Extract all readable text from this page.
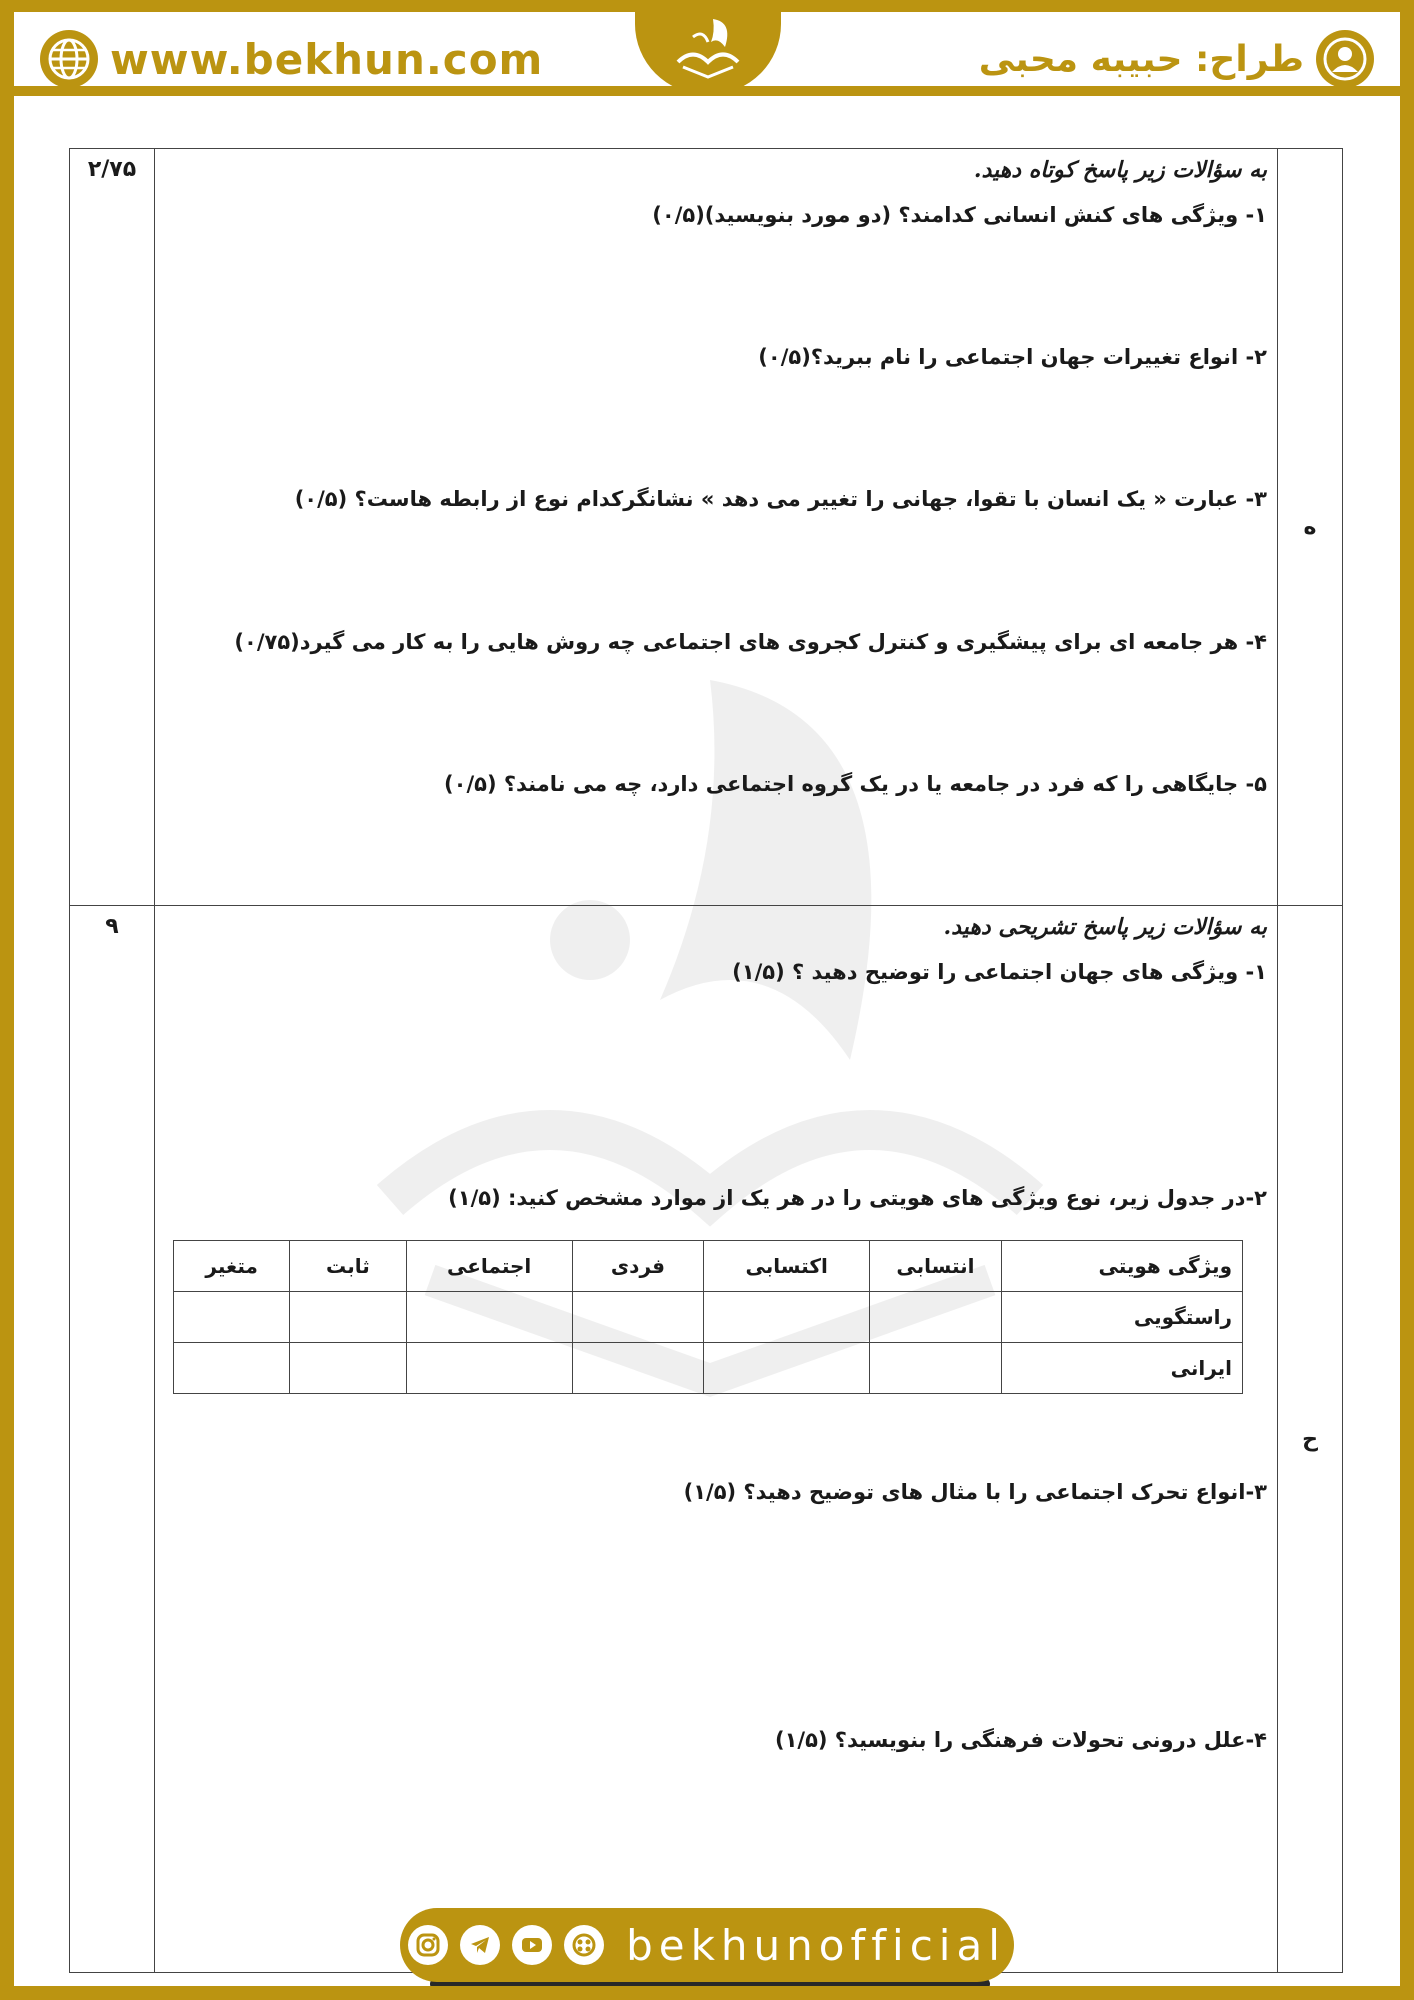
www.bekhun.com	طراح: حبیبه محبی
ه	
به سؤالات زیر پاسخ کوتاه دهید.
۱- ویژگی های کنش انسانی کدامند؟ (دو مورد بنویسید)(۰/۵)
۲- انواع تغییرات جهان اجتماعی را نام ببرید؟(۰/۵)
۳- عبارت « یک انسان با تقوا، جهانی را تغییر می دهد » نشانگرکدام نوع از رابطه هاست؟ (۰/۵)
۴- هر جامعه ای برای پیشگیری و کنترل کجروی های اجتماعی چه روش هایی را به کار می گیرد(۰/۷۵)
۵- جایگاهی را که فرد در جامعه یا در یک گروه اجتماعی دارد، چه می نامند؟ (۰/۵)
	۲/۷۵
ح	
به سؤالات زیر پاسخ تشریحی دهید.
۱- ویژگی های جهان اجتماعی را توضیح دهید ؟ (۱/۵)
۲-در جدول زیر، نوع ویژگی های هویتی را در هر یک از موارد مشخص کنید: (۱/۵)
ویژگی هویتی	انتسابی	اکتسابی	فردی	اجتماعی	ثابت	متغیر
راستگویی						
ایرانی						
۳-انواع تحرک اجتماعی را با مثال های توضیح دهید؟ (۱/۵)
۴-علل درونی تحولات فرهنگی را بنویسید؟ (۱/۵)
	۹
bekhunofficial
